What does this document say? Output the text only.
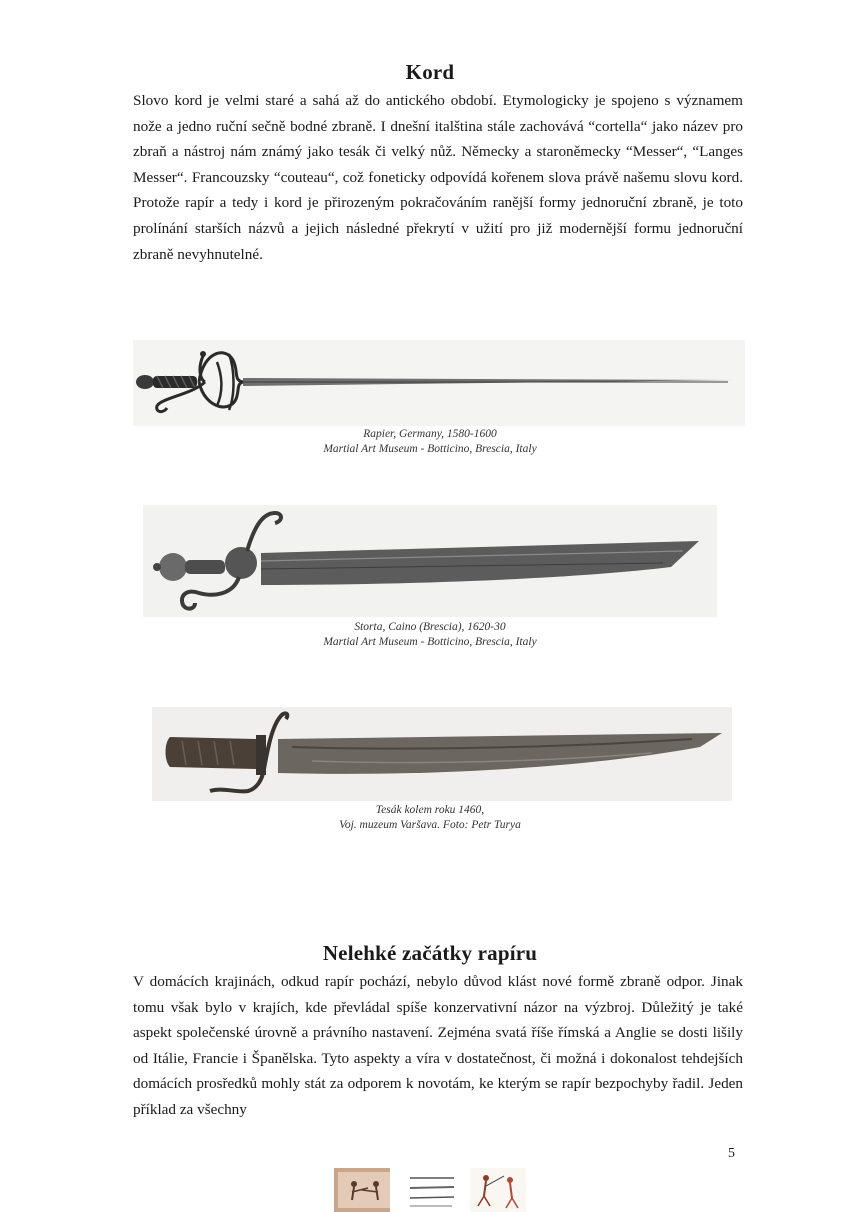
Kord

Slovo kord je velmi staré a sahá až do antického období. Etymologicky je spojeno s významem nože a jedno ruční sečně bodné zbraně. I dnešní italština stále zachovává “cortella“ jako název pro zbraň a nástroj nám známý jako tesák či velký nůž. Německy a staroněmecky “Messer“, “Langes Messer“. Francouzsky “couteau“, což foneticky odpovídá kořenem slova právě našemu slovu kord. Protože rapír a tedy i kord je přirozeným pokračováním ranější formy jednoruční zbraně, je toto prolínání starších názvů a jejich následné překrytí v užití pro již modernější formu jednoruční zbraně nevyhnutelné.

Rapier, Germany, 1580-1600
Martial Art Museum - Botticino, Brescia, Italy
Storta, Caino (Brescia), 1620-30
Martial Art Museum - Botticino, Brescia, Italy
Tesák kolem roku 1460,
Voj. muzeum Varšava. Foto: Petr Turya
Nelehké začátky rapíru

V domácích krajinách, odkud rapír pochází, nebylo důvod klást nové formě zbraně odpor. Jinak tomu však bylo v krajích, kde převládal spíše konzervativní názor na výzbroj. Důležitý je také aspekt společenské úrovně a právního nastavení. Zejména svatá říše římská a Anglie se dosti lišily od Itálie, Francie i Španělska. Tyto aspekty a víra v dostatečnost, či možná i dokonalost tehdejších domácích prosředků mohly stát za odporem k novotám, ke kterým se rapír bezpochyby řadil. Jeden příklad za všechny

5
